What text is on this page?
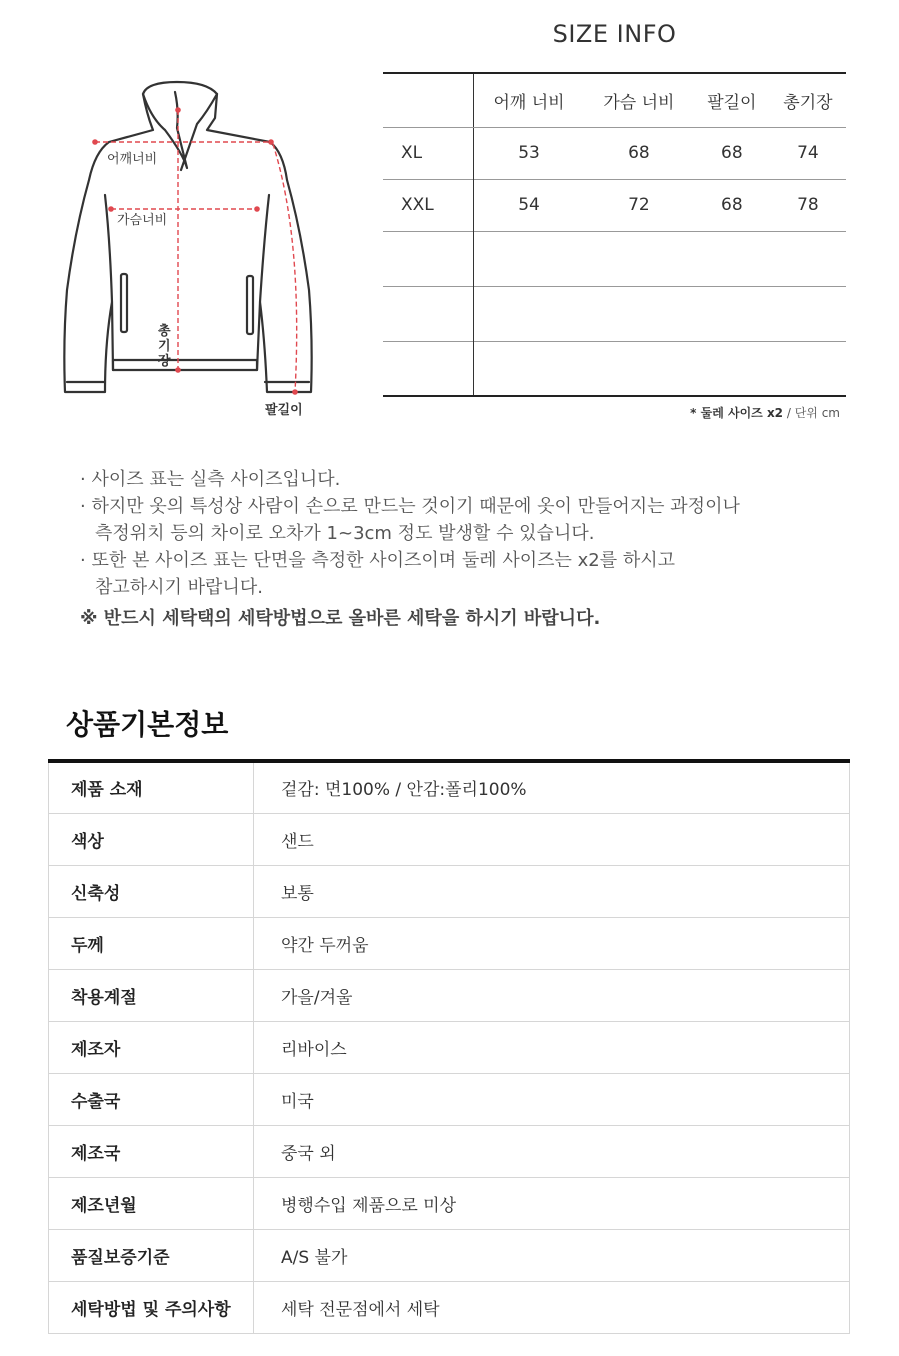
SIZE INFO
어깨너비
가슴너비
총
기
장
팔길이
	어깨 너비	가슴 너비	팔길이	총기장
XL	53	68	68	74
XXL	54	72	68	78

* 둘레 사이즈 x2 / 단위 cm
· 사이즈 표는 실측 사이즈입니다.
· 하지만 옷의 특성상 사람이 손으로 만드는 것이기 때문에 옷이 만들어지는 과정이나
측정위치 등의 차이로 오차가 1~3cm 정도 발생할 수 있습니다.
· 또한 본 사이즈 표는 단면을 측정한 사이즈이며 둘레 사이즈는 x2를 하시고
참고하시기 바랍니다.
※ 반드시 세탁택의 세탁방법으로 올바른 세탁을 하시기 바랍니다.
상품기본정보
제품 소재	겉감: 면100% / 안감:폴리100%
색상	샌드
신축성	보통
두께	약간 두꺼움
착용계절	가을/겨울
제조자	리바이스
수출국	미국
제조국	중국 외
제조년월	병행수입 제품으로 미상
품질보증기준	A/S 불가
세탁방법 및 주의사항	세탁 전문점에서 세탁
